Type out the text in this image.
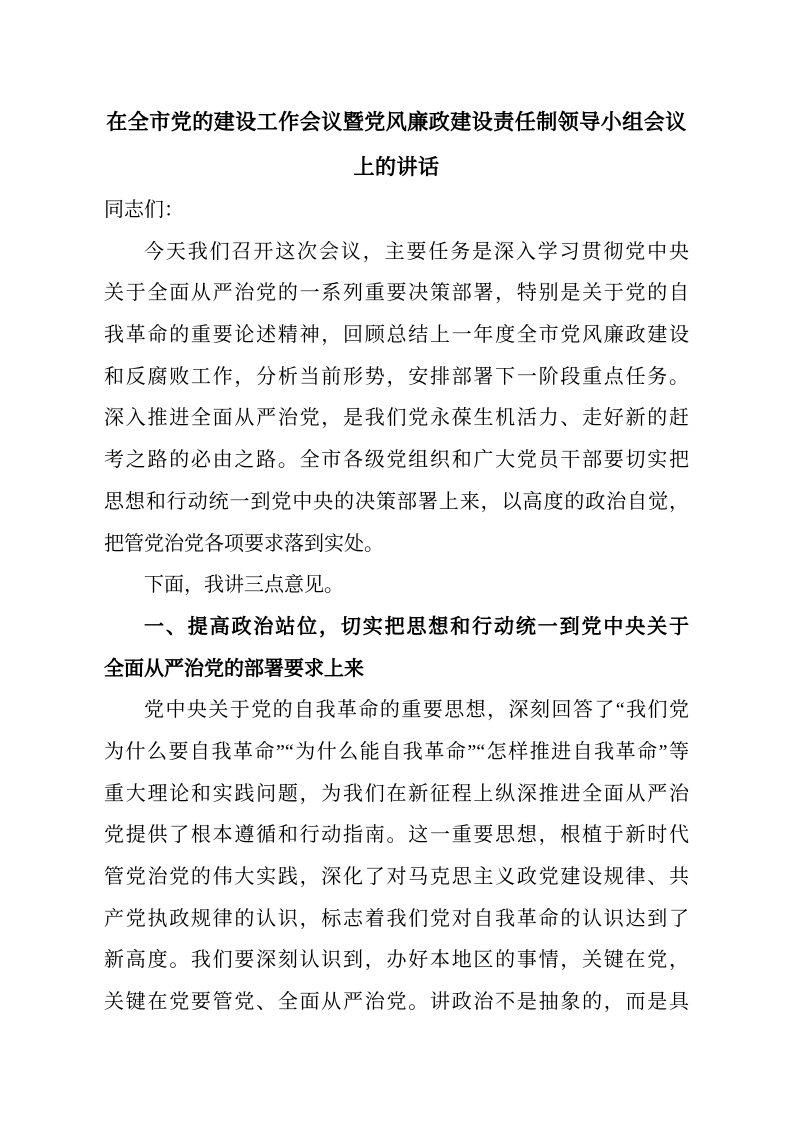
在全市党的建设工作会议暨党风廉政建设责任制领导小组会议
上的讲话
同志们：
今天我们召开这次会议，主要任务是深入学习贯彻党中央
关于全面从严治党的一系列重要决策部署，特别是关于党的自
我革命的重要论述精神，回顾总结上一年度全市党风廉政建设
和反腐败工作，分析当前形势，安排部署下一阶段重点任务。
深入推进全面从严治党，是我们党永葆生机活力、走好新的赶
考之路的必由之路。全市各级党组织和广大党员干部要切实把
思想和行动统一到党中央的决策部署上来，以高度的政治自觉，
把管党治党各项要求落到实处。
下面，我讲三点意见。
一、提高政治站位，切实把思想和行动统一到党中央关于
全面从严治党的部署要求上来
党中央关于党的自我革命的重要思想，深刻回答了“我们党
为什么要自我革命”“为什么能自我革命”“怎样推进自我革命”等
重大理论和实践问题，为我们在新征程上纵深推进全面从严治
党提供了根本遵循和行动指南。这一重要思想，根植于新时代
管党治党的伟大实践，深化了对马克思主义政党建设规律、共
产党执政规律的认识，标志着我们党对自我革命的认识达到了
新高度。我们要深刻认识到，办好本地区的事情，关键在党，
关键在党要管党、全面从严治党。讲政治不是抽象的，而是具
